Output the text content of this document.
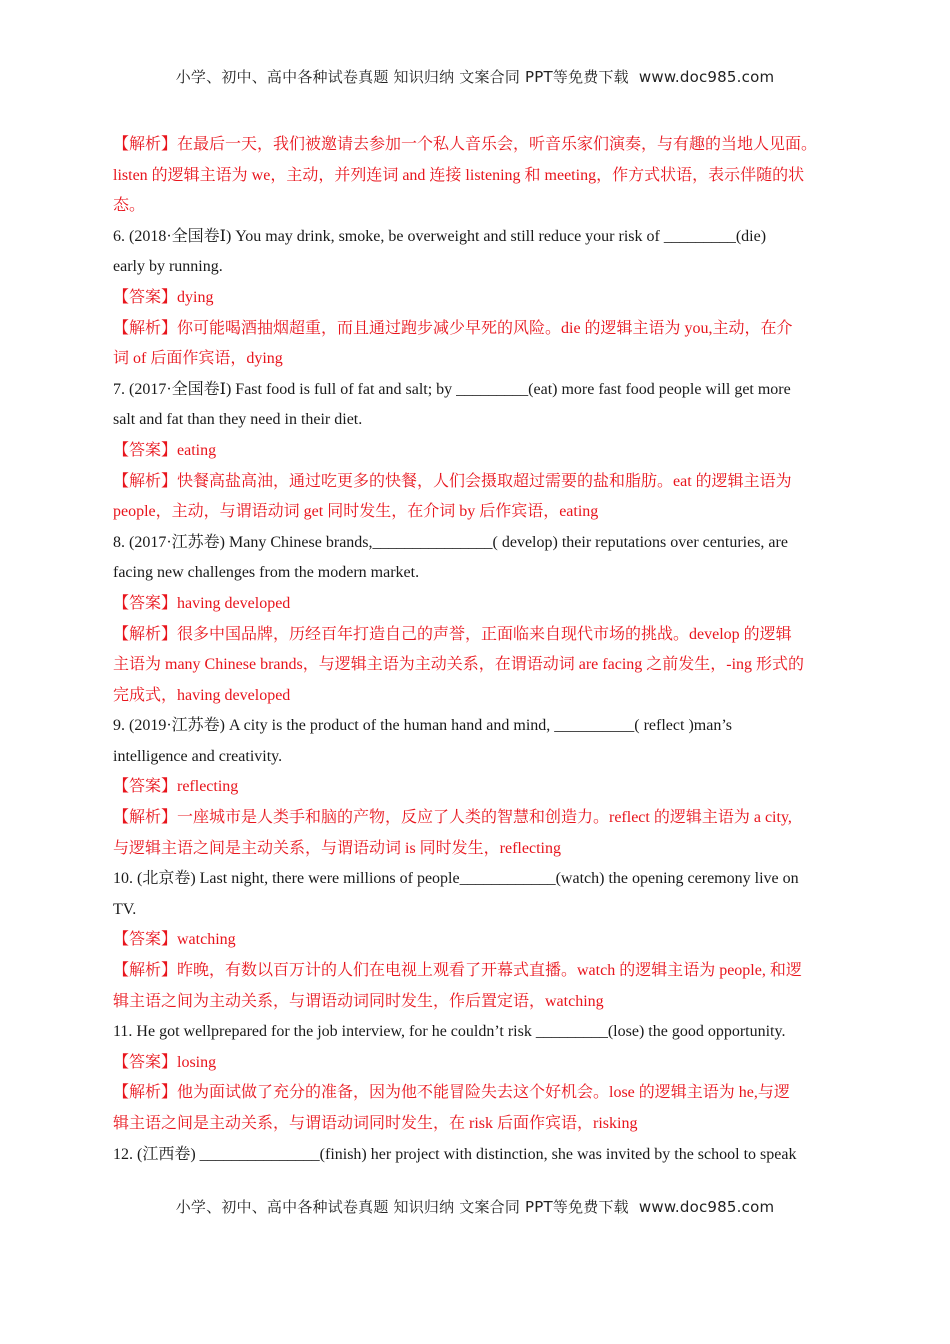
小学、初中、高中各种试卷真题 知识归纳 文案合同 PPT等免费下载 www.doc985.com
【解析】在最后一天，我们被邀请去参加一个私人音乐会，听音乐家们演奏，与有趣的当地人见面。
listen 的逻辑主语为 we，主动，并列连词 and 连接 listening 和 meeting，作方式状语，表示伴随的状
态。
6. (2018·全国卷Ⅰ) You may drink, smoke, be overweight and still reduce your risk of _________(die)
early by running.
【答案】dying
【解析】你可能喝酒抽烟超重，而且通过跑步减少早死的风险。die 的逻辑主语为 you,主动，在介
词 of 后面作宾语，dying
7. (2017·全国卷Ⅰ) Fast food is full of fat and salt; by _________(eat) more fast food people will get more
salt and fat than they need in their diet.
【答案】eating
【解析】快餐高盐高油，通过吃更多的快餐，人们会摄取超过需要的盐和脂肪。eat 的逻辑主语为
people，主动，与谓语动词 get 同时发生，在介词 by 后作宾语，eating
8. (2017·江苏卷) Many Chinese brands,_______________( develop) their reputations over centuries, are
facing new challenges from the modern market.
【答案】having developed
【解析】很多中国品牌，历经百年打造自己的声誉，正面临来自现代市场的挑战。develop 的逻辑
主语为 many Chinese brands，与逻辑主语为主动关系，在谓语动词 are facing 之前发生，-ing 形式的
完成式，having developed
9. (2019·江苏卷) A city is the product of the human hand and mind, __________( reflect )man’s
intelligence and creativity.
【答案】reflecting
【解析】一座城市是人类手和脑的产物，反应了人类的智慧和创造力。reflect 的逻辑主语为 a city,
与逻辑主语之间是主动关系，与谓语动词 is 同时发生，reflecting
10. (北京卷) Last night, there were millions of people____________(watch) the opening ceremony live on
TV.
【答案】watching
【解析】昨晚，有数以百万计的人们在电视上观看了开幕式直播。watch 的逻辑主语为 people, 和逻
辑主语之间为主动关系，与谓语动词同时发生，作后置定语，watching
11. He got wellprepared for the job interview, for he couldn’t risk _________(lose) the good opportunity.
【答案】losing
【解析】他为面试做了充分的准备，因为他不能冒险失去这个好机会。lose 的逻辑主语为 he,与逻
辑主语之间是主动关系，与谓语动词同时发生，在 risk 后面作宾语，risking
12. (江西卷) _______________(finish) her project with distinction, she was invited by the school to speak
小学、初中、高中各种试卷真题 知识归纳 文案合同 PPT等免费下载 www.doc985.com
